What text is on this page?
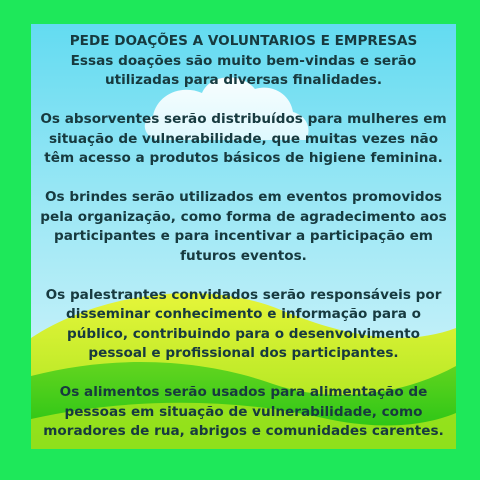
PEDE DOAÇÕES A VOLUNTARIOS E EMPRESAS

Essas doações são muito bem-vindas e serão utilizadas para diversas finalidades.

Os absorventes serão distribuídos para mulheres em situação de vulnerabilidade, que muitas vezes não têm acesso a produtos básicos de higiene feminina.

Os brindes serão utilizados em eventos promovidos pela organização, como forma de agradecimento aos participantes e para incentivar a participação em futuros eventos.

Os palestrantes convidados serão responsáveis por disseminar conhecimento e informação para o público, contribuindo para o desenvolvimento pessoal e profissional dos participantes.

Os alimentos serão usados para alimentação de pessoas em situação de vulnerabilidade, como moradores de rua, abrigos e comunidades carentes.
